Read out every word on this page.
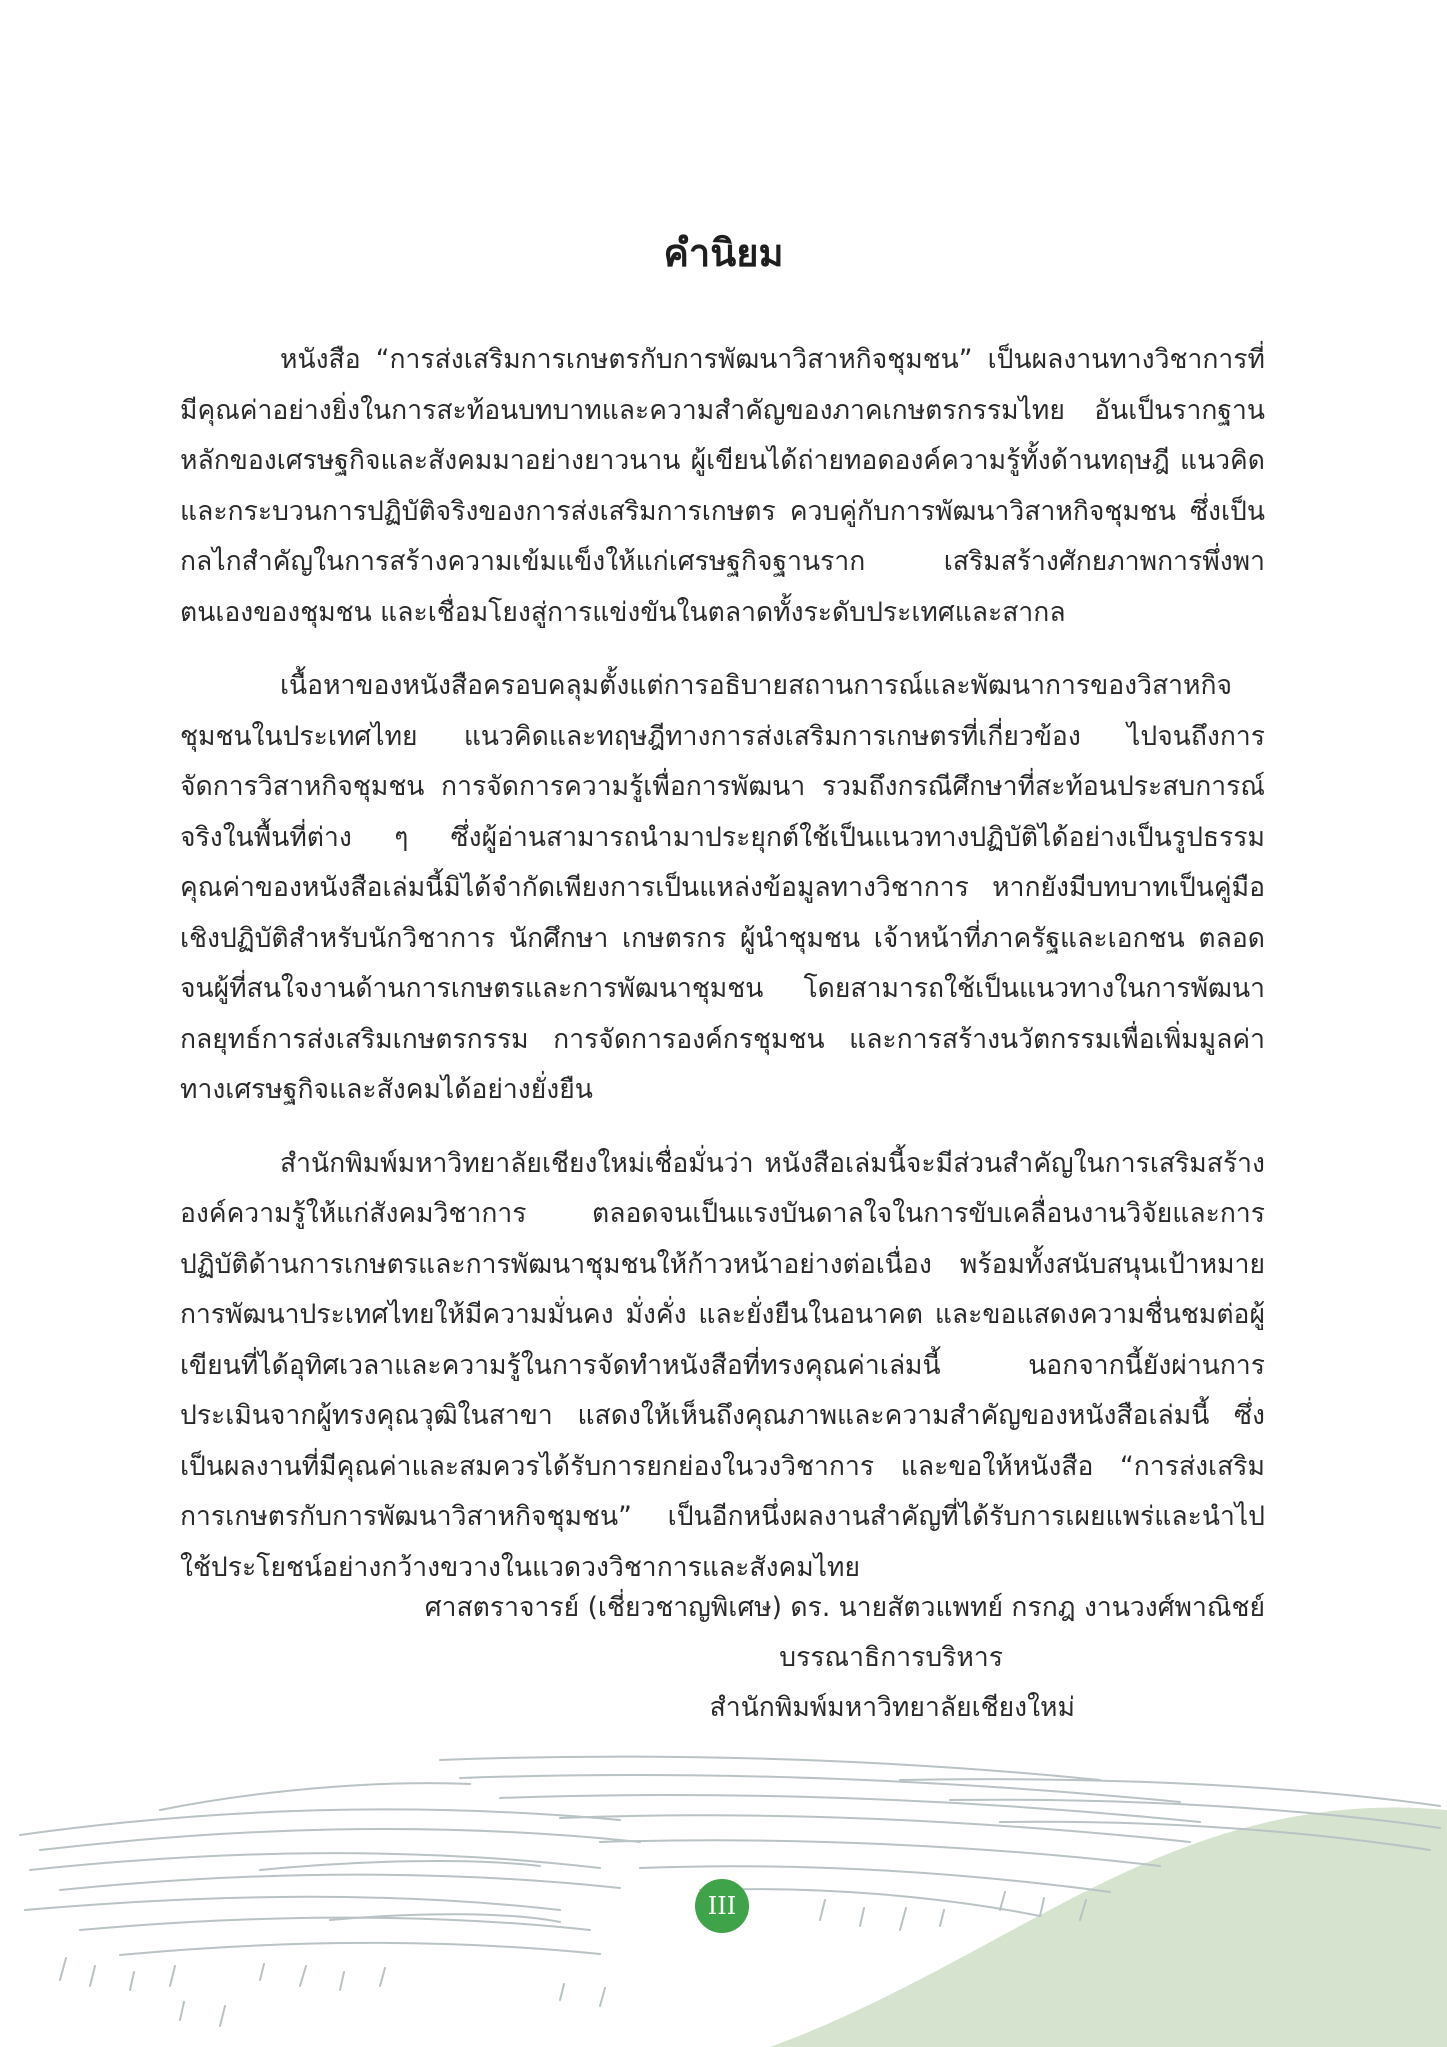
คำนิยม

หนังสือ “การส่งเสริมการเกษตรกับการพัฒนาวิสาหกิจชุมชน” เป็นผลงานทางวิชาการที่มีคุณค่าอย่างยิ่งในการสะท้อนบทบาทและความสำคัญของภาคเกษตรกรรมไทย อันเป็นรากฐานหลักของเศรษฐกิจและสังคมมาอย่างยาวนาน ผู้เขียนได้ถ่ายทอดองค์ความรู้ทั้งด้านทฤษฎี แนวคิด และกระบวนการปฏิบัติจริงของการส่งเสริมการเกษตร ควบคู่กับการพัฒนาวิสาหกิจชุมชน ซึ่งเป็นกลไกสำคัญในการสร้างความเข้มแข็งให้แก่เศรษฐกิจฐานราก เสริมสร้างศักยภาพการพึ่งพาตนเองของชุมชน และเชื่อมโยงสู่การแข่งขันในตลาดทั้งระดับประเทศและสากล

เนื้อหาของหนังสือครอบคลุมตั้งแต่การอธิบายสถานการณ์และพัฒนาการของวิสาหกิจชุมชนในประเทศไทย แนวคิดและทฤษฎีทางการส่งเสริมการเกษตรที่เกี่ยวข้อง ไปจนถึงการจัดการวิสาหกิจชุมชน การจัดการความรู้เพื่อการพัฒนา รวมถึงกรณีศึกษาที่สะท้อนประสบการณ์จริงในพื้นที่ต่าง ๆ ซึ่งผู้อ่านสามารถนำมาประยุกต์ใช้เป็นแนวทางปฏิบัติได้อย่างเป็นรูปธรรม คุณค่าของหนังสือเล่มนี้มิได้จำกัดเพียงการเป็นแหล่งข้อมูลทางวิชาการ หากยังมีบทบาทเป็นคู่มือเชิงปฏิบัติสำหรับนักวิชาการ นักศึกษา เกษตรกร ผู้นำชุมชน เจ้าหน้าที่ภาครัฐและเอกชน ตลอดจนผู้ที่สนใจงานด้านการเกษตรและการพัฒนาชุมชน โดยสามารถใช้เป็นแนวทางในการพัฒนากลยุทธ์การส่งเสริมเกษตรกรรม การจัดการองค์กรชุมชน และการสร้างนวัตกรรมเพื่อเพิ่มมูลค่าทางเศรษฐกิจและสังคมได้อย่างยั่งยืน

สำนักพิมพ์มหาวิทยาลัยเชียงใหม่เชื่อมั่นว่า หนังสือเล่มนี้จะมีส่วนสำคัญในการเสริมสร้างองค์ความรู้ให้แก่สังคมวิชาการ ตลอดจนเป็นแรงบันดาลใจในการขับเคลื่อนงานวิจัยและการปฏิบัติด้านการเกษตรและการพัฒนาชุมชนให้ก้าวหน้าอย่างต่อเนื่อง พร้อมทั้งสนับสนุนเป้าหมายการพัฒนาประเทศไทยให้มีความมั่นคง มั่งคั่ง และยั่งยืนในอนาคต และขอแสดงความชื่นชมต่อผู้เขียนที่ได้อุทิศเวลาและความรู้ในการจัดทำหนังสือที่ทรงคุณค่าเล่มนี้ นอกจากนี้ยังผ่านการประเมินจากผู้ทรงคุณวุฒิในสาขา แสดงให้เห็นถึงคุณภาพและความสำคัญของหนังสือเล่มนี้ ซึ่งเป็นผลงานที่มีคุณค่าและสมควรได้รับการยกย่องในวงวิชาการ และขอให้หนังสือ “การส่งเสริมการเกษตรกับการพัฒนาวิสาหกิจชุมชน” เป็นอีกหนึ่งผลงานสำคัญที่ได้รับการเผยแพร่และนำไปใช้ประโยชน์อย่างกว้างขวางในแวดวงวิชาการและสังคมไทย

ศาสตราจารย์ (เชี่ยวชาญพิเศษ) ดร. นายสัตวแพทย์ กรกฎ งานวงศ์พาณิชย์
บรรณาธิการบริหาร
สำนักพิมพ์มหาวิทยาลัยเชียงใหม่
III
